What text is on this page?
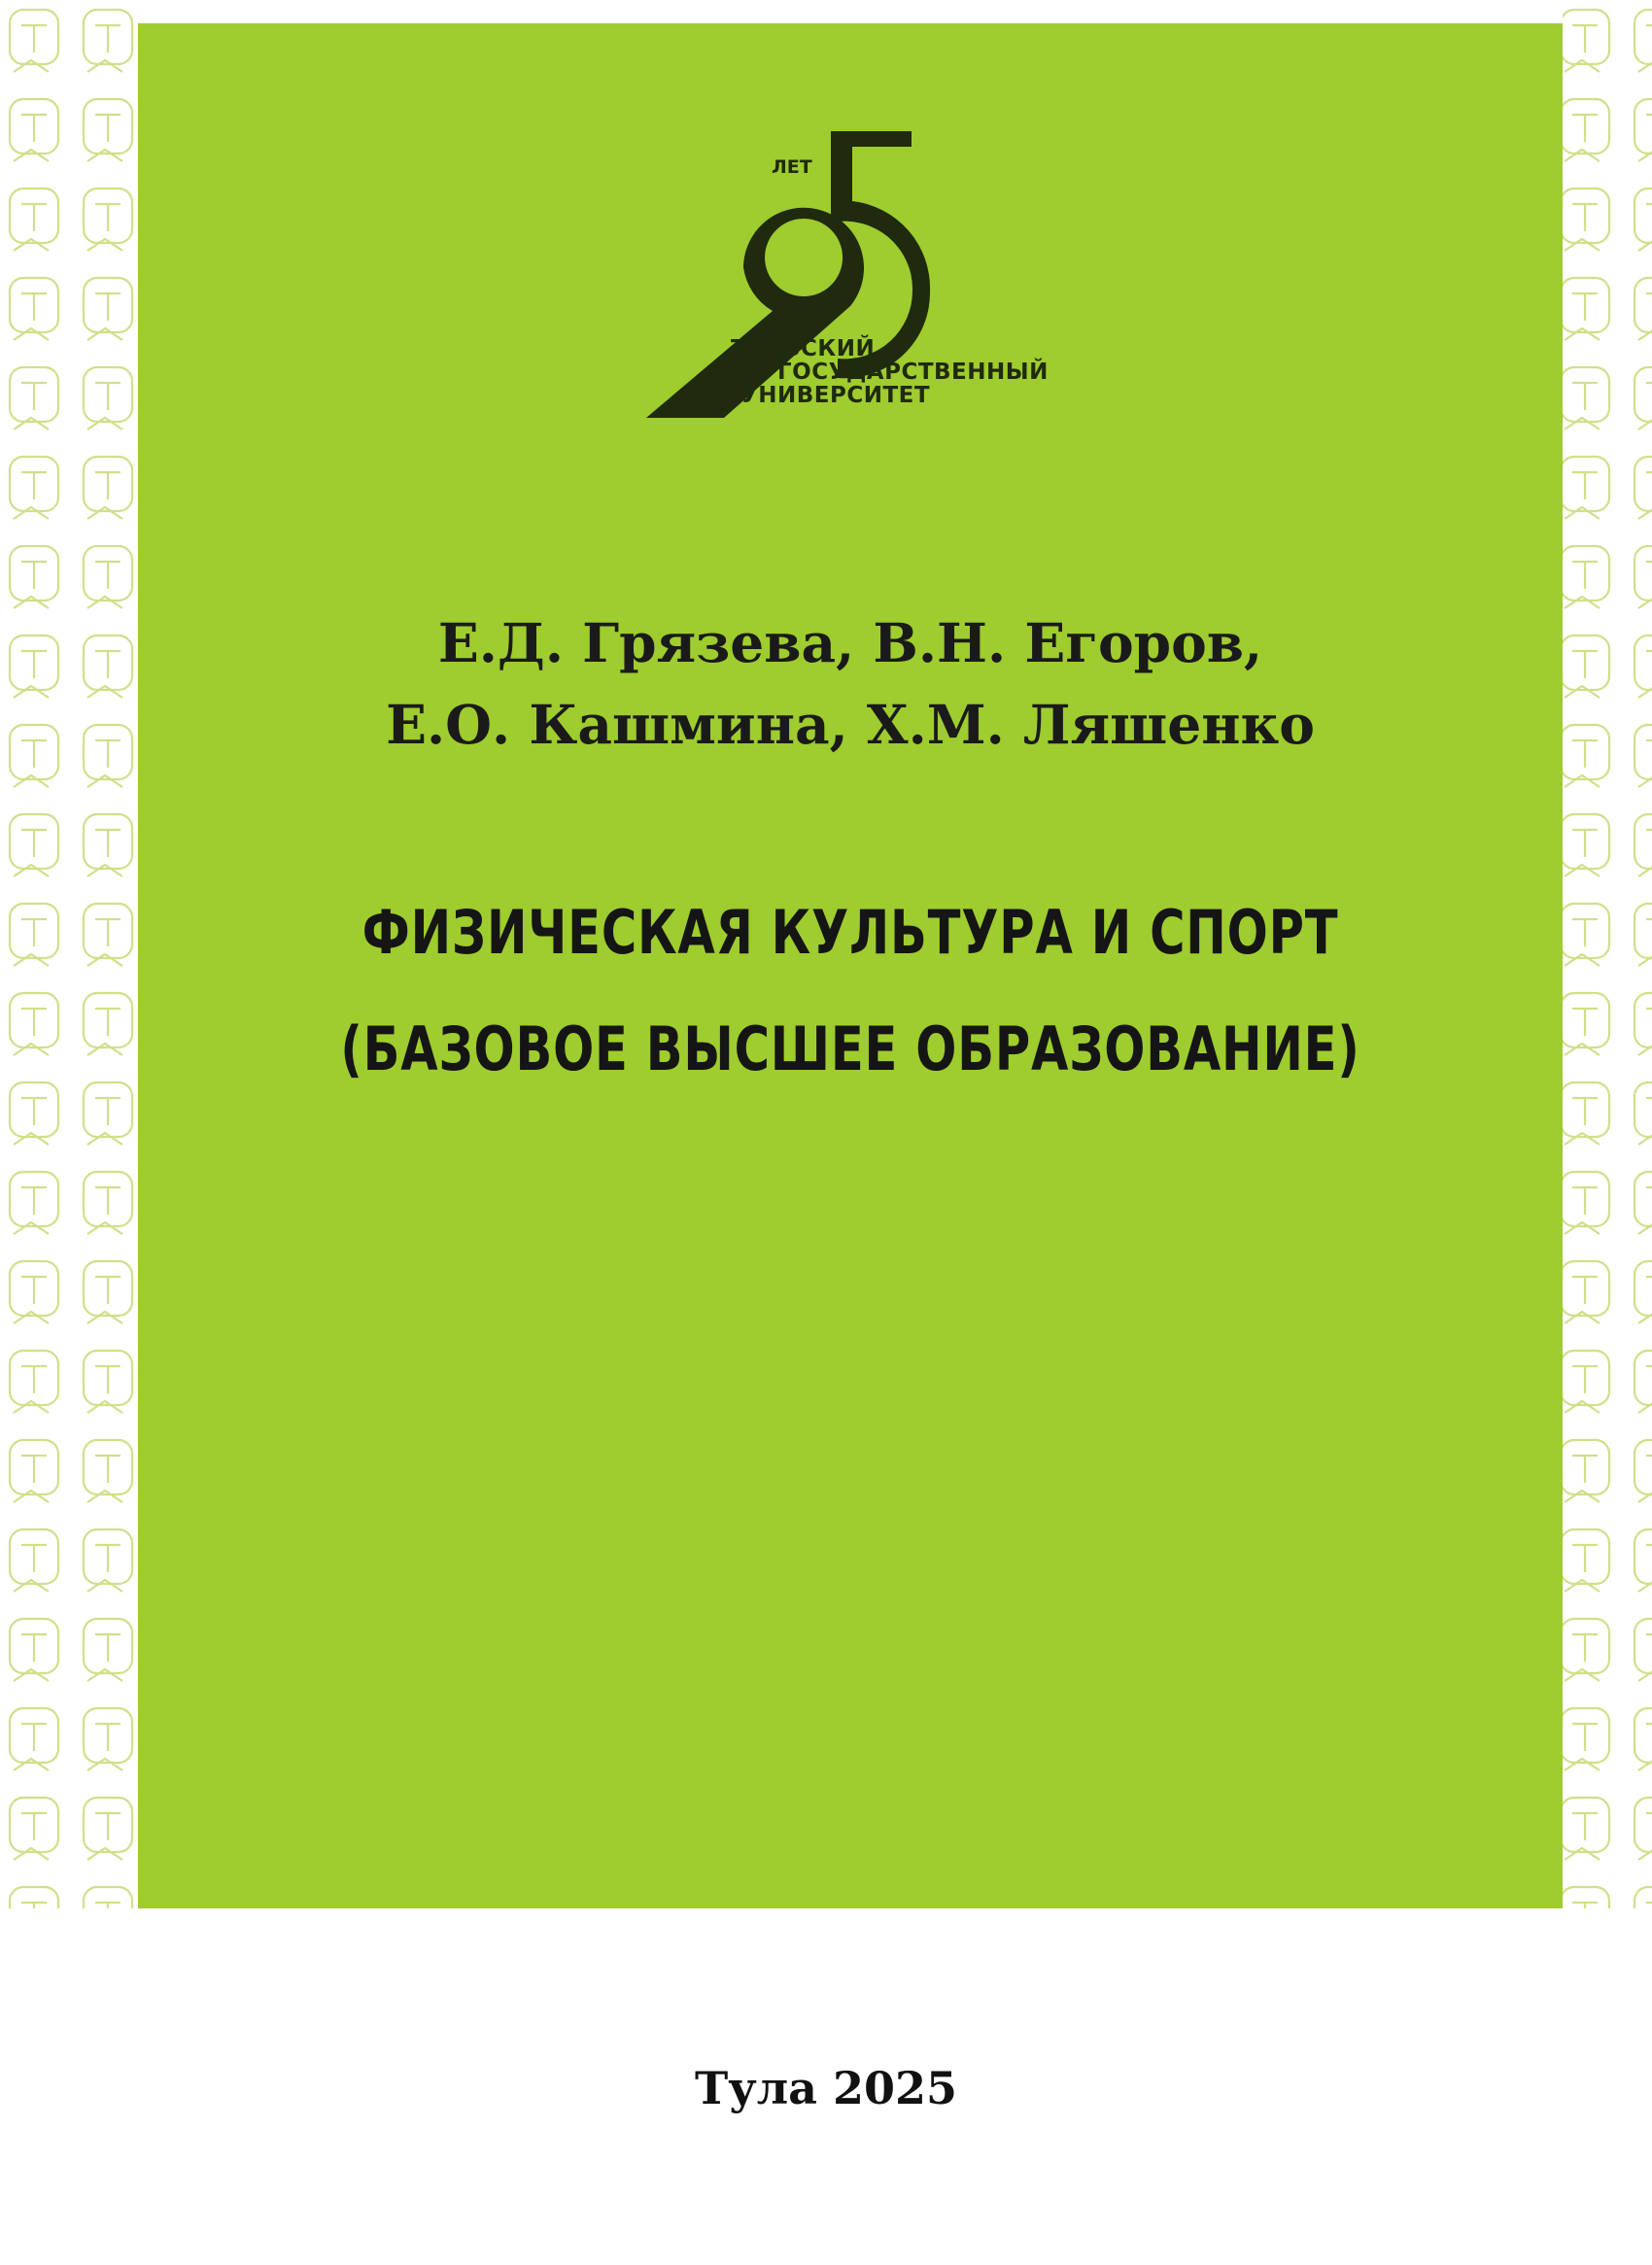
ЛЕТ
ТУЛЬСКИЙ
ГОСУДАРСТВЕННЫЙ
УНИВЕРСИТЕТ
Е.Д. Грязева, В.Н. Егоров,
Е.О. Кашмина, Х.М. Ляшенко
ФИЗИЧЕСКАЯ КУЛЬТУРА И СПОРТ
(БАЗОВОЕ ВЫСШЕЕ ОБРАЗОВАНИЕ)
Тула 2025
